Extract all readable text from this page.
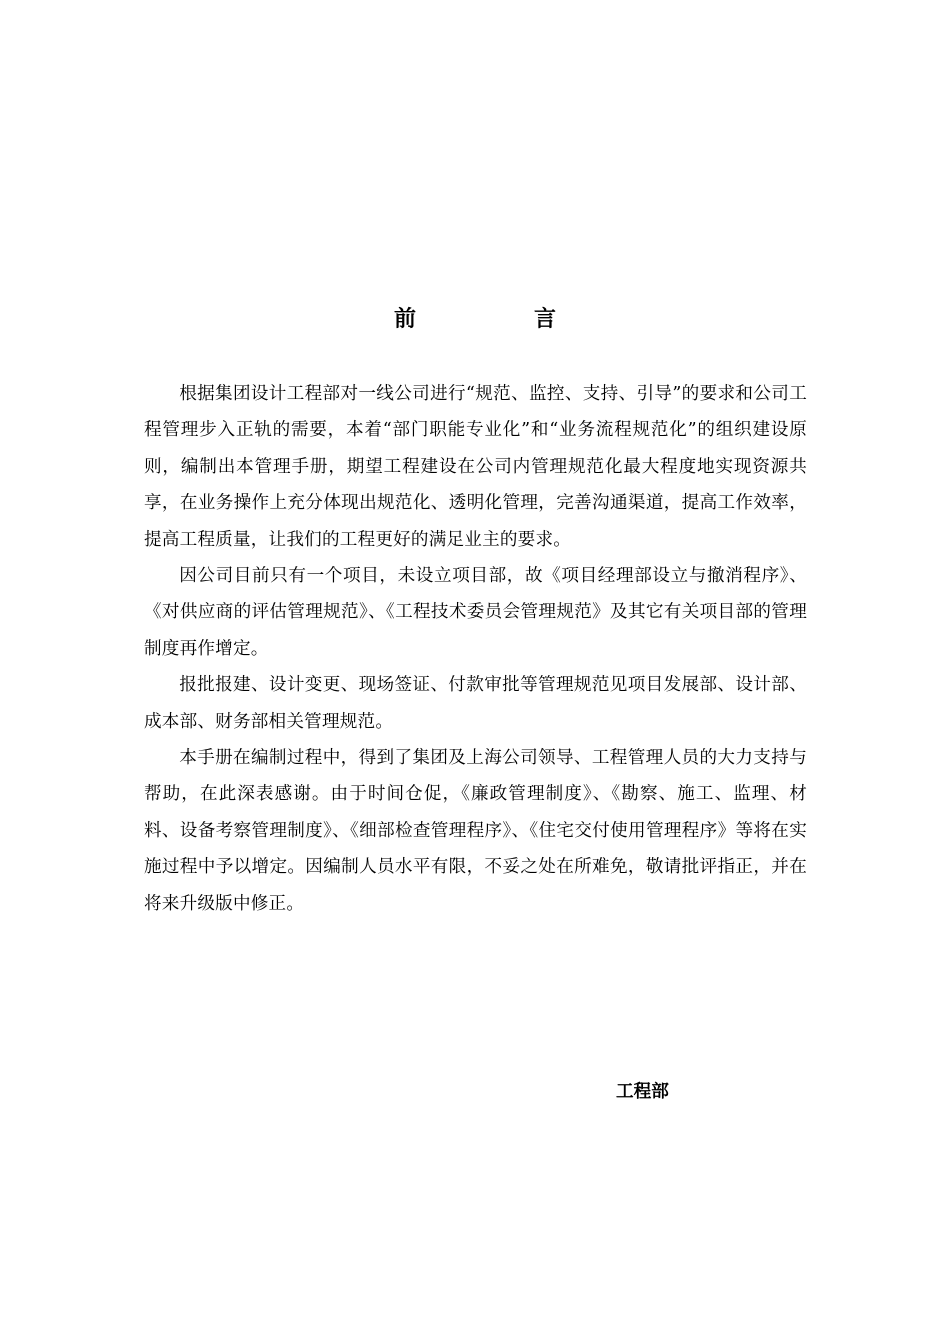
前	言

根据集团设计工程部对一线公司进行“规范、监控、支持、引导”的要求和公司工程管理步入正轨的需要，本着“部门职能专业化”和“业务流程规范化”的组织建设原则，编制出本管理手册，期望工程建设在公司内管理规范化最大程度地实现资源共享，在业务操作上充分体现出规范化、透明化管理，完善沟通渠道，提高工作效率，提高工程质量，让我们的工程更好的满足业主的要求。

因公司目前只有一个项目，未设立项目部，故《项目经理部设立与撤消程序》、《对供应商的评估管理规范》、《工程技术委员会管理规范》及其它有关项目部的管理制度再作增定。

报批报建、设计变更、现场签证、付款审批等管理规范见项目发展部、设计部、成本部、财务部相关管理规范。

本手册在编制过程中，得到了集团及上海公司领导、工程管理人员的大力支持与帮助，在此深表感谢。由于时间仓促，《廉政管理制度》、《勘察、施工、监理、材料、设备考察管理制度》、《细部检查管理程序》、《住宅交付使用管理程序》等将在实施过程中予以增定。因编制人员水平有限，不妥之处在所难免，敬请批评指正，并在将来升级版中修正。

工程部
